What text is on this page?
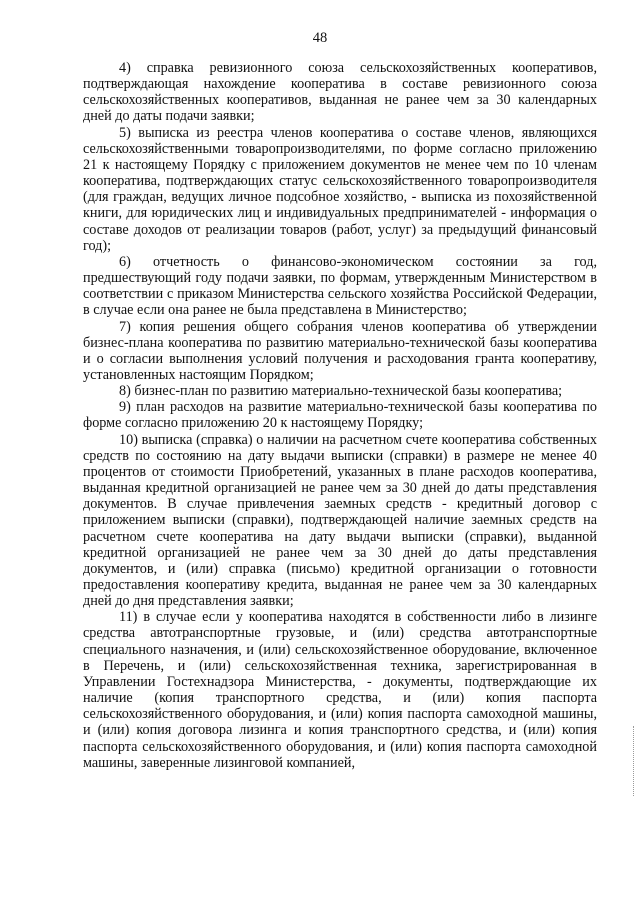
48

4) справка ревизионного союза сельскохозяйственных кооперативов, подтверждающая нахождение кооператива в составе ревизионного союза сельскохозяйственных кооперативов, выданная не ранее чем за 30 календарных дней до даты подачи заявки;

5) выписка из реестра членов кооператива о составе членов, являющихся сельскохозяйственными товаропроизводителями, по форме согласно приложению 21 к настоящему Порядку с приложением документов не менее чем по 10 членам кооператива, подтверждающих статус сельскохозяйственного товаропроизводителя (для граждан, ведущих личное подсобное хозяйство, - выписка из похозяйственной книги, для юридических лиц и индивидуальных предпринимателей - информация о составе доходов от реализации товаров (работ, услуг) за предыдущий финансовый год);

6) отчетность о финансово-экономическом состоянии за год, предшествующий году подачи заявки, по формам, утвержденным Министерством в соответствии с приказом Министерства сельского хозяйства Российской Федерации, в случае если она ранее не была представлена в Министерство;

7) копия решения общего собрания членов кооператива об утверждении бизнес-плана кооператива по развитию материально-технической базы кооператива и о согласии выполнения условий получения и расходования гранта кооперативу, установленных настоящим Порядком;

8) бизнес-план по развитию материально-технической базы кооператива;

9) план расходов на развитие материально-технической базы кооператива по форме согласно приложению 20 к настоящему Порядку;

10) выписка (справка) о наличии на расчетном счете кооператива собственных средств по состоянию на дату выдачи выписки (справки) в размере не менее 40 процентов от стоимости Приобретений, указанных в плане расходов кооператива, выданная кредитной организацией не ранее чем за 30 дней до даты представления документов. В случае привлечения заемных средств - кредитный договор с приложением выписки (справки), подтверждающей наличие заемных средств на расчетном счете кооператива на дату выдачи выписки (справки), выданной кредитной организацией не ранее чем за 30 дней до даты представления документов, и (или) справка (письмо) кредитной организации о готовности предоставления кооперативу кредита, выданная не ранее чем за 30 календарных дней до дня представления заявки;

11) в случае если у кооператива находятся в собственности либо в лизинге средства автотранспортные грузовые, и (или) средства автотранспортные специального назначения, и (или) сельскохозяйственное оборудование, включенное в Перечень, и (или) сельскохозяйственная техника, зарегистрированная в Управлении Гостехнадзора Министерства, - документы, подтверждающие их наличие (копия транспортного средства, и (или) копия паспорта сельскохозяйственного оборудования, и (или) копия паспорта самоходной машины, и (или) копия договора лизинга и копия транспортного средства, и (или) копия паспорта сельскохозяйственного оборудования, и (или) копия паспорта самоходной машины, заверенные лизинговой компанией,
